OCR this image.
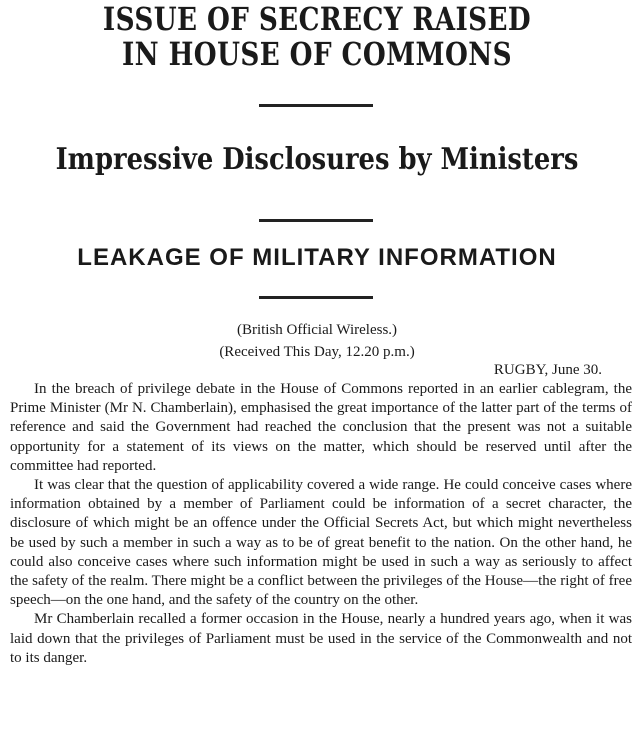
ISSUE OF SECRECY RAISED
IN HOUSE OF COMMONS
Impressive Disclosures by Ministers
LEAKAGE OF MILITARY INFORMATION
(British Official Wireless.)
(Received This Day, 12.20 p.m.)
RUGBY, June 30.

In the breach of privilege debate in the House of Commons reported in an earlier cablegram, the Prime Minister (Mr N. Chamberlain), emphasised the great importance of the latter part of the terms of reference and said the Government had reached the conclusion that the present was not a suitable opportunity for a statement of its views on the matter, which should be reserved until after the committee had reported.

It was clear that the question of applicability covered a wide range. He could conceive cases where information obtained by a member of Parliament could be information of a secret character, the disclosure of which might be an offence under the Official Secrets Act, but which might nevertheless be used by such a member in such a way as to be of great benefit to the nation. On the other hand, he could also conceive cases where such information might be used in such a way as seriously to affect the safety of the realm. There might be a conflict between the privileges of the House—the right of free speech—on the one hand, and the safety of the country on the other.

Mr Chamberlain recalled a former occasion in the House, nearly a hundred years ago, when it was laid down that the privileges of Parliament must be used in the service of the Commonwealth and not to its danger.
